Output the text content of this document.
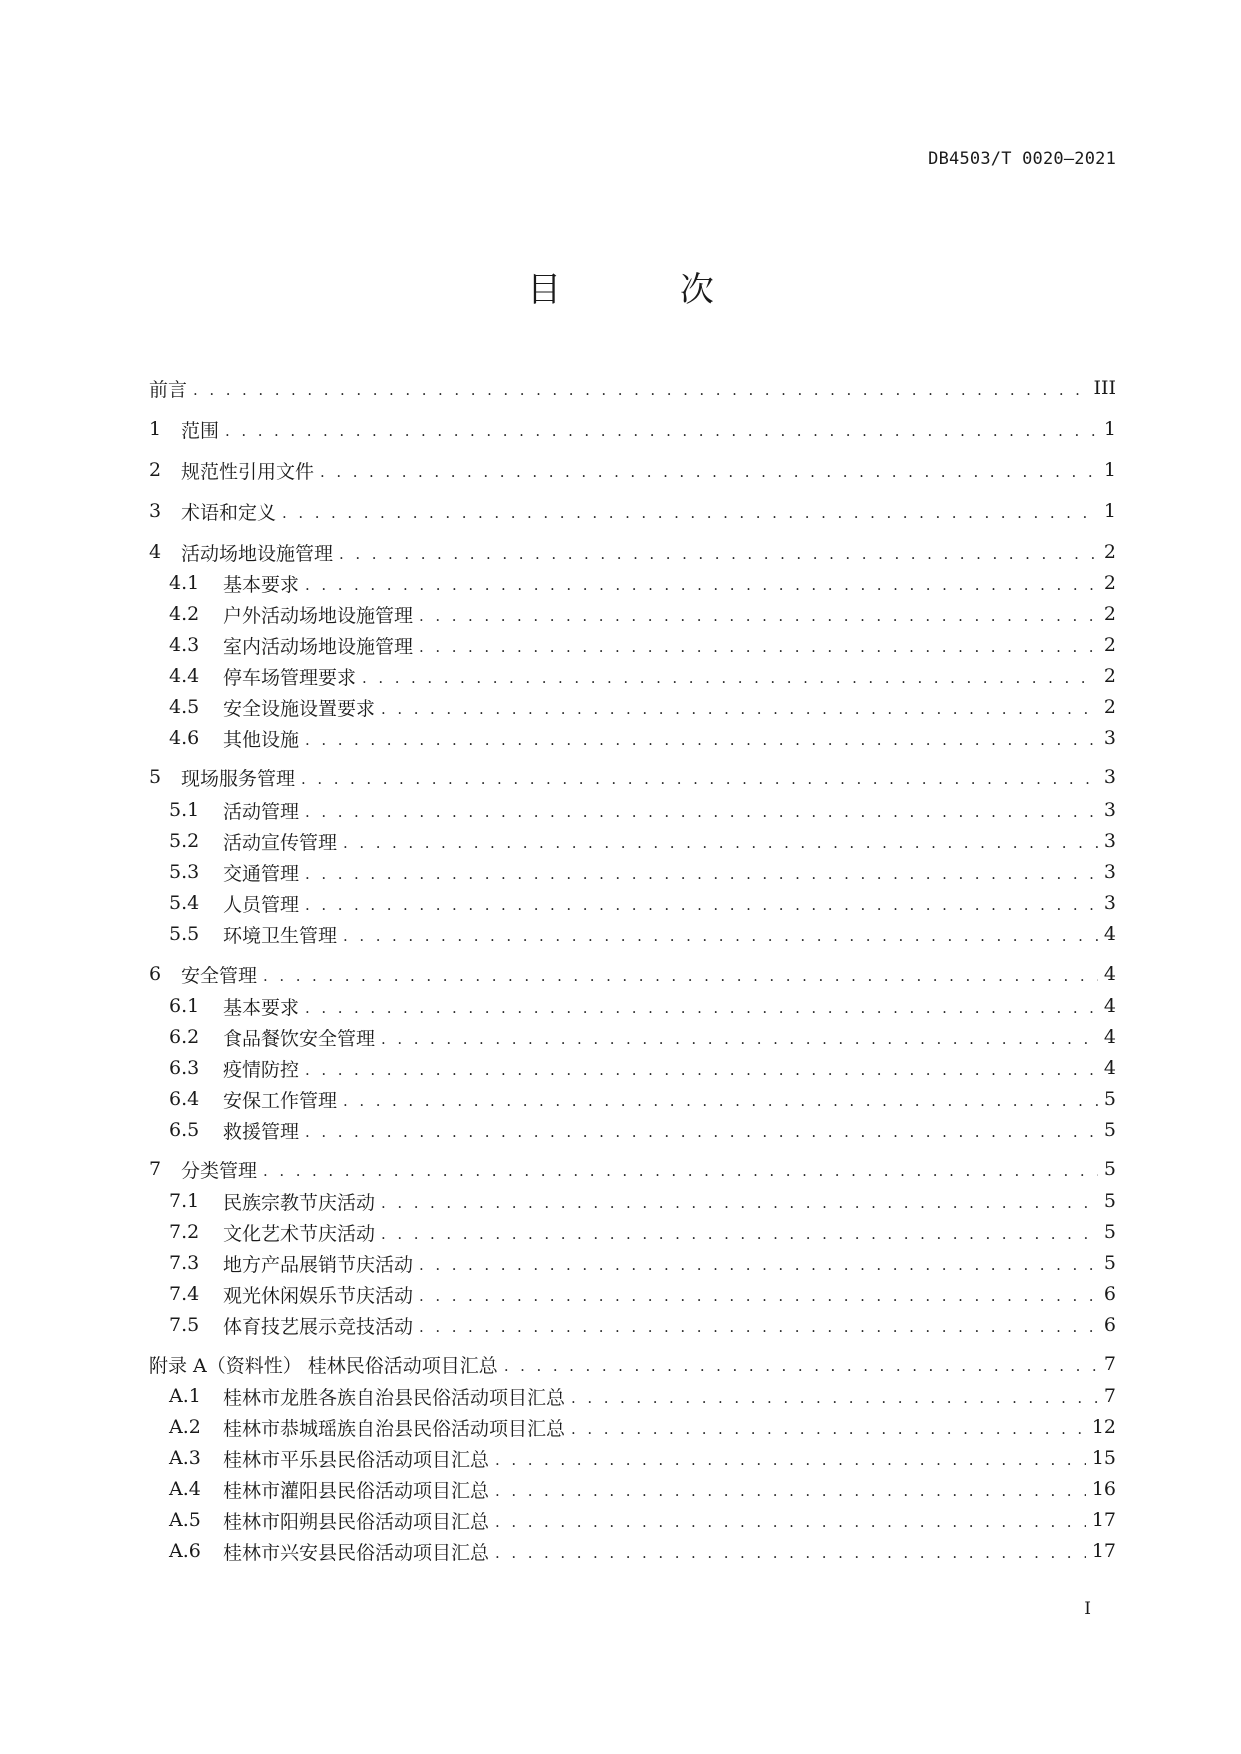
DB4503/T 0020—2021
目 次
前言 . . .	III
1	范围 . . .	1
2	规范性引用文件 . . .	1
3	术语和定义 . . .	1
4	活动场地设施管理 . . .	2
4.1	基本要求 . . .	2
4.2	户外活动场地设施管理 . . .	2
4.3	室内活动场地设施管理 . . .	2
4.4	停车场管理要求 . . .	2
4.5	安全设施设置要求 . . .	2
4.6	其他设施 . . .	3
5	现场服务管理 . . .	3
5.1	活动管理 . . .	3
5.2	活动宣传管理 . . .	3
5.3	交通管理 . . .	3
5.4	人员管理 . . .	3
5.5	环境卫生管理 . . .	4
6	安全管理 . . .	4
6.1	基本要求 . . .	4
6.2	食品餐饮安全管理 . . .	4
6.3	疫情防控 . . .	4
6.4	安保工作管理 . . .	5
6.5	救援管理 . . .	5
7	分类管理 . . .	5
7.1	民族宗教节庆活动 . . .	5
7.2	文化艺术节庆活动 . . .	5
7.3	地方产品展销节庆活动 . . .	5
7.4	观光休闲娱乐节庆活动 . . .	6
7.5	体育技艺展示竞技活动 . . .	6
附录 A（资料性） 桂林民俗活动项目汇总 . . .	7
A.1	桂林市龙胜各族自治县民俗活动项目汇总 . . .	7
A.2	桂林市恭城瑶族自治县民俗活动项目汇总 . . .	12
A.3	桂林市平乐县民俗活动项目汇总 . . .	15
A.4	桂林市灌阳县民俗活动项目汇总 . . .	16
A.5	桂林市阳朔县民俗活动项目汇总 . . .	17
A.6	桂林市兴安县民俗活动项目汇总 . . .	17
I
